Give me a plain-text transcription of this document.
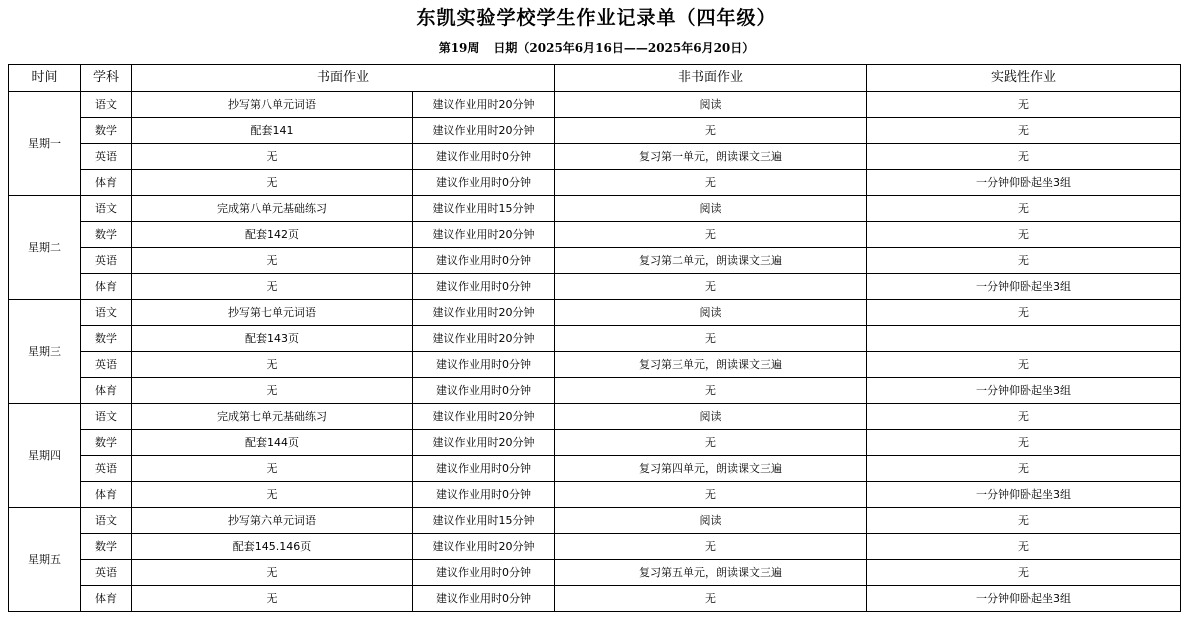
东凯实验学校学生作业记录单（四年级）
第19周 日期（2025年6月16日——2025年6月20日）
时间	学科	书面作业		非书面作业	实践性作业
星期一	语文	抄写第八单元词语	建议作业用时20分钟	阅读	无
	数学	配套141	建议作业用时20分钟	无	无
	英语	无	建议作业用时0分钟	复习第一单元，朗读课文三遍	无
	体育	无	建议作业用时0分钟	无	一分钟仰卧起坐3组
星期二	语文	完成第八单元基础练习	建议作业用时15分钟	阅读	无
	数学	配套142页	建议作业用时20分钟	无	无
	英语	无	建议作业用时0分钟	复习第二单元，朗读课文三遍	无
	体育	无	建议作业用时0分钟	无	一分钟仰卧起坐3组
星期三	语文	抄写第七单元词语	建议作业用时20分钟	阅读	无
	数学	配套143页	建议作业用时20分钟	无	
	英语	无	建议作业用时0分钟	复习第三单元，朗读课文三遍	无
	体育	无	建议作业用时0分钟	无	一分钟仰卧起坐3组
星期四	语文	完成第七单元基础练习	建议作业用时20分钟	阅读	无
	数学	配套144页	建议作业用时20分钟	无	无
	英语	无	建议作业用时0分钟	复习第四单元，朗读课文三遍	无
	体育	无	建议作业用时0分钟	无	一分钟仰卧起坐3组
星期五	语文	抄写第六单元词语	建议作业用时15分钟	阅读	无
	数学	配套145.146页	建议作业用时20分钟	无	无
	英语	无	建议作业用时0分钟	复习第五单元，朗读课文三遍	无
	体育	无	建议作业用时0分钟	无	一分钟仰卧起坐3组
